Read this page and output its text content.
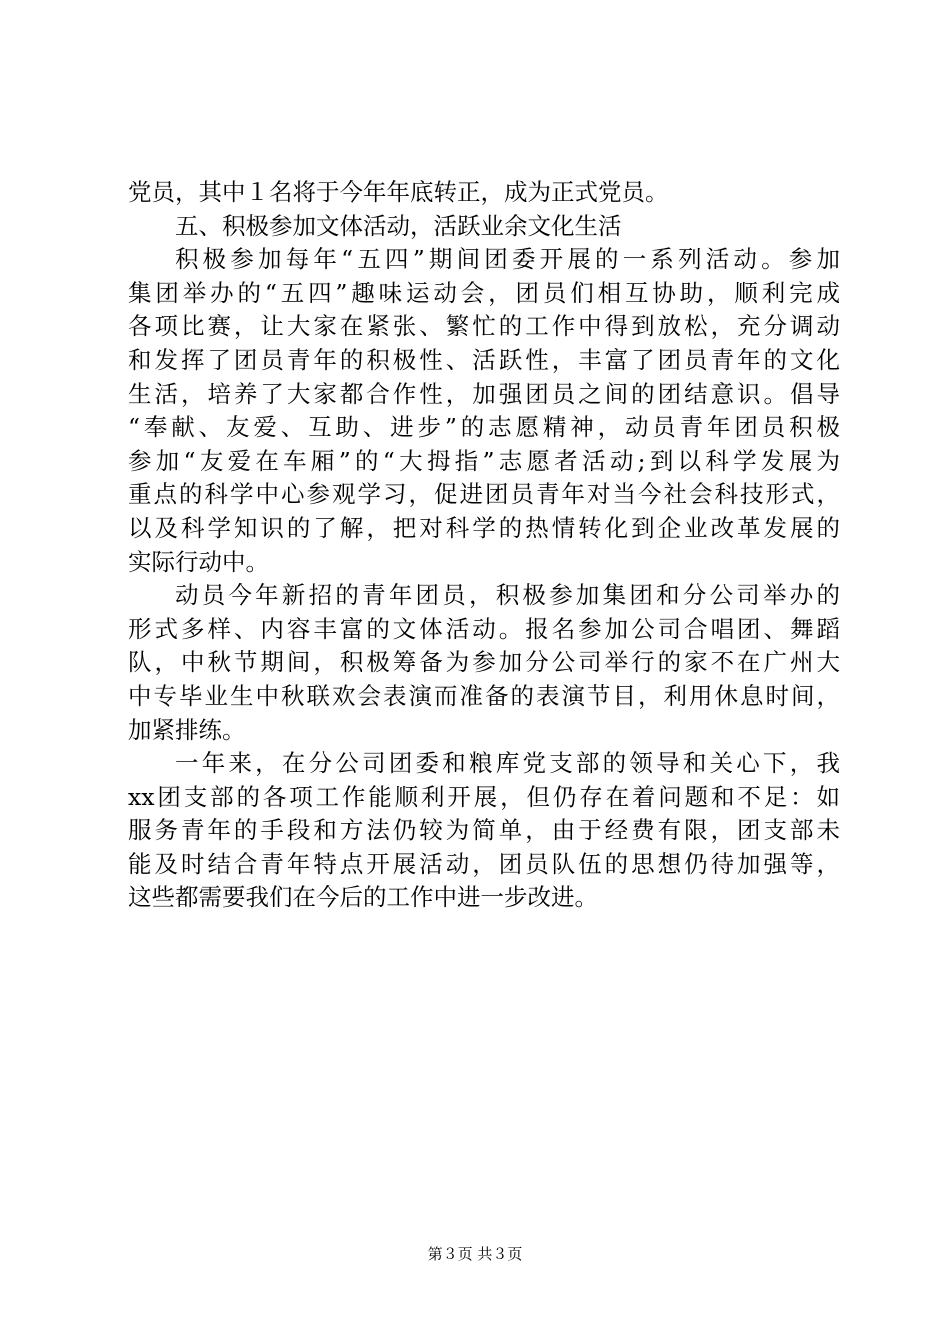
党员，其中１名将于今年年底转正，成为正式党员。
五、积极参加文体活动，活跃业余文化生活
积极参加每年“五四”期间团委开展的一系列活动。参加
集团举办的“五四”趣味运动会，团员们相互协助，顺利完成
各项比赛，让大家在紧张、繁忙的工作中得到放松，充分调动
和发挥了团员青年的积极性、活跃性，丰富了团员青年的文化
生活，培养了大家都合作性，加强团员之间的团结意识。倡导
“奉献、友爱、互助、进步”的志愿精神，动员青年团员积极
参加“友爱在车厢”的“大拇指”志愿者活动;到以科学发展为
重点的科学中心参观学习，促进团员青年对当今社会科技形式，
以及科学知识的了解，把对科学的热情转化到企业改革发展的
实际行动中。
动员今年新招的青年团员，积极参加集团和分公司举办的
形式多样、内容丰富的文体活动。报名参加公司合唱团、舞蹈
队，中秋节期间，积极筹备为参加分公司举行的家不在广州大
中专毕业生中秋联欢会表演而准备的表演节目，利用休息时间，
加紧排练。
一年来，在分公司团委和粮库党支部的领导和关心下，我
xx团支部的各项工作能顺利开展，但仍存在着问题和不足：如
服务青年的手段和方法仍较为简单，由于经费有限，团支部未
能及时结合青年特点开展活动，团员队伍的思想仍待加强等，
这些都需要我们在今后的工作中进一步改进。
第３页 共３页
